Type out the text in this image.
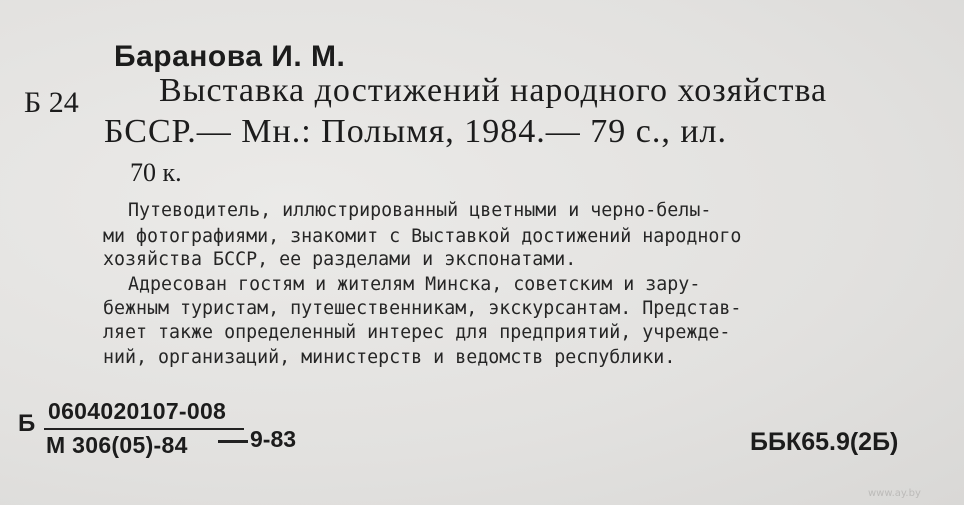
Баранова И. М.
Б 24 Выставка достижений народного хозяйства
БССР.— Мн.: Полымя, 1984.— 79 с., ил.
70 к.
Путеводитель, иллюстрированный цветными и черно-белы-
ми фотографиями, знакомит с Выставкой достижений народного
хозяйства БССР, ее разделами и экспонатами.
Адресован гостям и жителям Минска, советским и зару-
бежным туристам, путешественникам, экскурсантам. Представ-
ляет также определенный интерес для предприятий, учрежде-
ний, организаций, министерств и ведомств республики.
Б 0604020107-008
М 306(05)-84	9-83	ББК65.9(2Б)
www.ay.by
